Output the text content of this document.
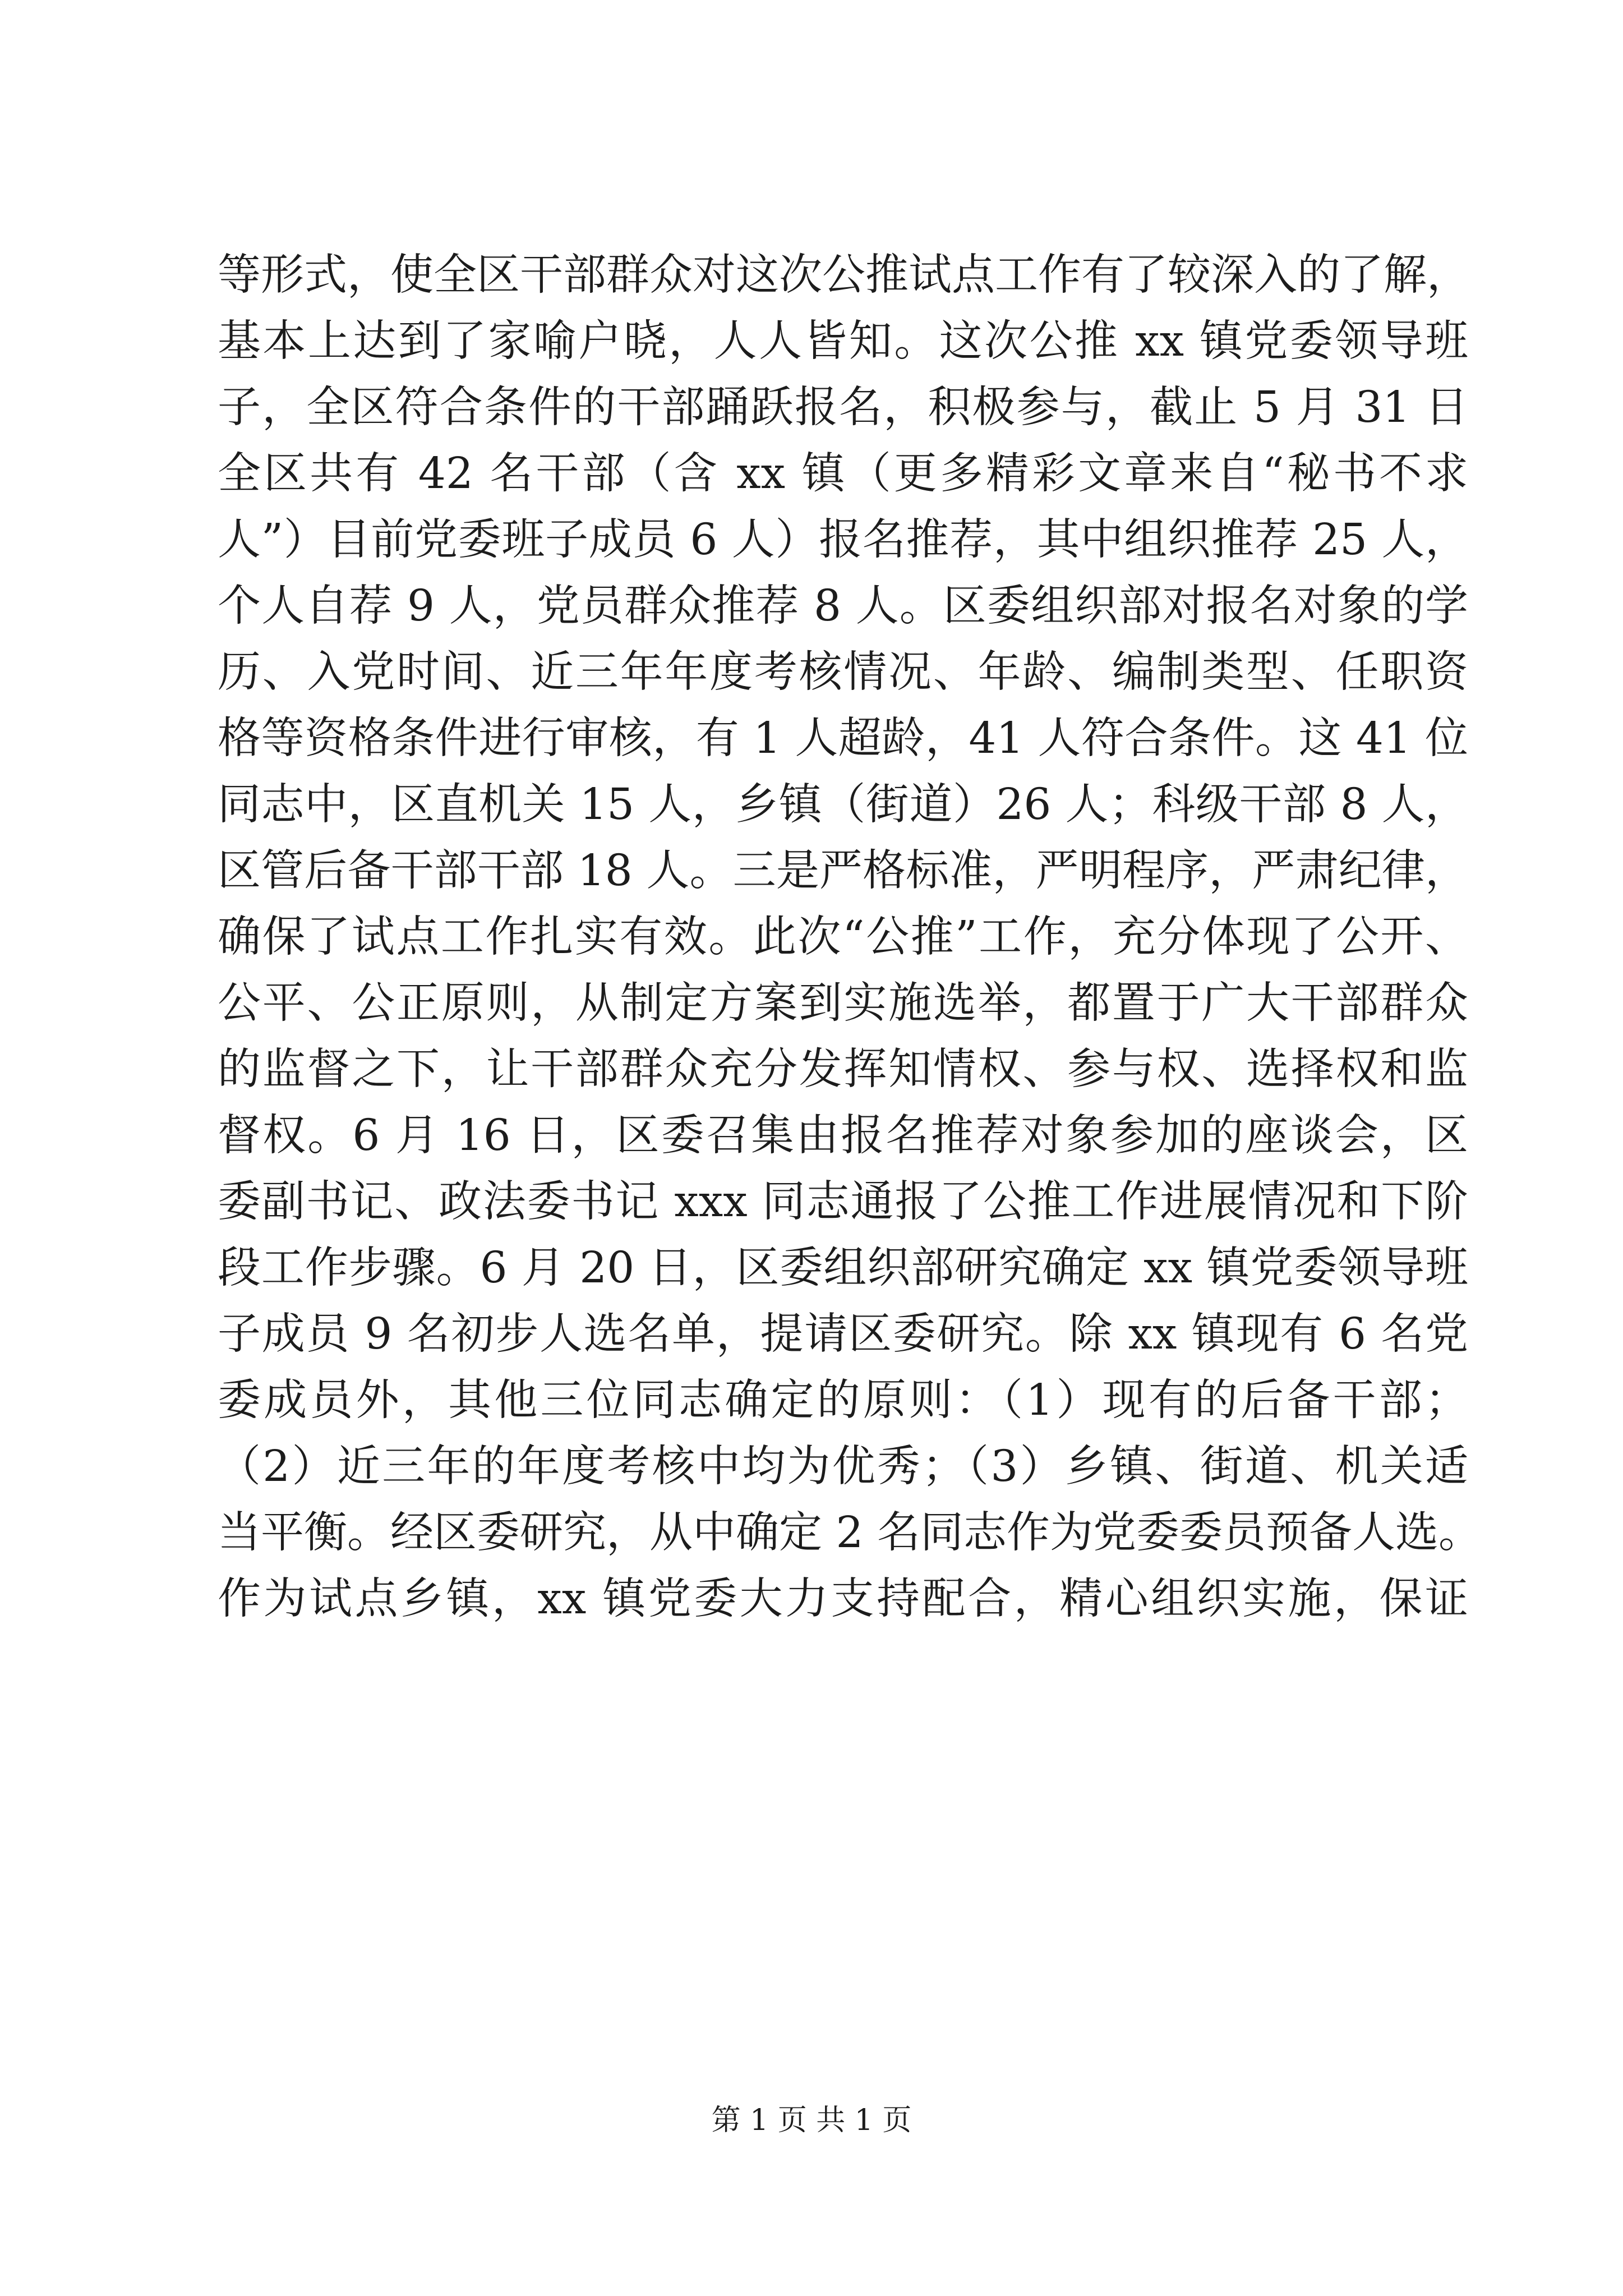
等形式，使全区干部群众对这次公推试点工作有了较深入的了解，
基本上达到了家喻户晓，人人皆知。这次公推 xx 镇党委领导班
子，全区符合条件的干部踊跃报名，积极参与，截止 5 月 31 日
全区共有 42 名干部（含 xx 镇（更多精彩文章来自“秘书不求
人”）目前党委班子成员 6 人）报名推荐，其中组织推荐 25 人，
个人自荐 9 人，党员群众推荐 8 人。区委组织部对报名对象的学
历、入党时间、近三年年度考核情况、年龄、编制类型、任职资
格等资格条件进行审核，有 1 人超龄，41 人符合条件。这 41 位
同志中，区直机关 15 人，乡镇（街道）26 人；科级干部 8 人，
区管后备干部干部 18 人。三是严格标准，严明程序，严肃纪律，
确保了试点工作扎实有效。此次“公推”工作，充分体现了公开、
公平、公正原则，从制定方案到实施选举，都置于广大干部群众
的监督之下，让干部群众充分发挥知情权、参与权、选择权和监
督权。6 月 16 日，区委召集由报名推荐对象参加的座谈会，区
委副书记、政法委书记 xxx 同志通报了公推工作进展情况和下阶
段工作步骤。6 月 20 日，区委组织部研究确定 xx 镇党委领导班
子成员 9 名初步人选名单，提请区委研究。除 xx 镇现有 6 名党
委成员外，其他三位同志确定的原则：（1）现有的后备干部；
（2）近三年的年度考核中均为优秀；（3）乡镇、街道、机关适
当平衡。经区委研究，从中确定 2 名同志作为党委委员预备人选。
作为试点乡镇，xx 镇党委大力支持配合，精心组织实施，保证
第 1 页 共 1 页
